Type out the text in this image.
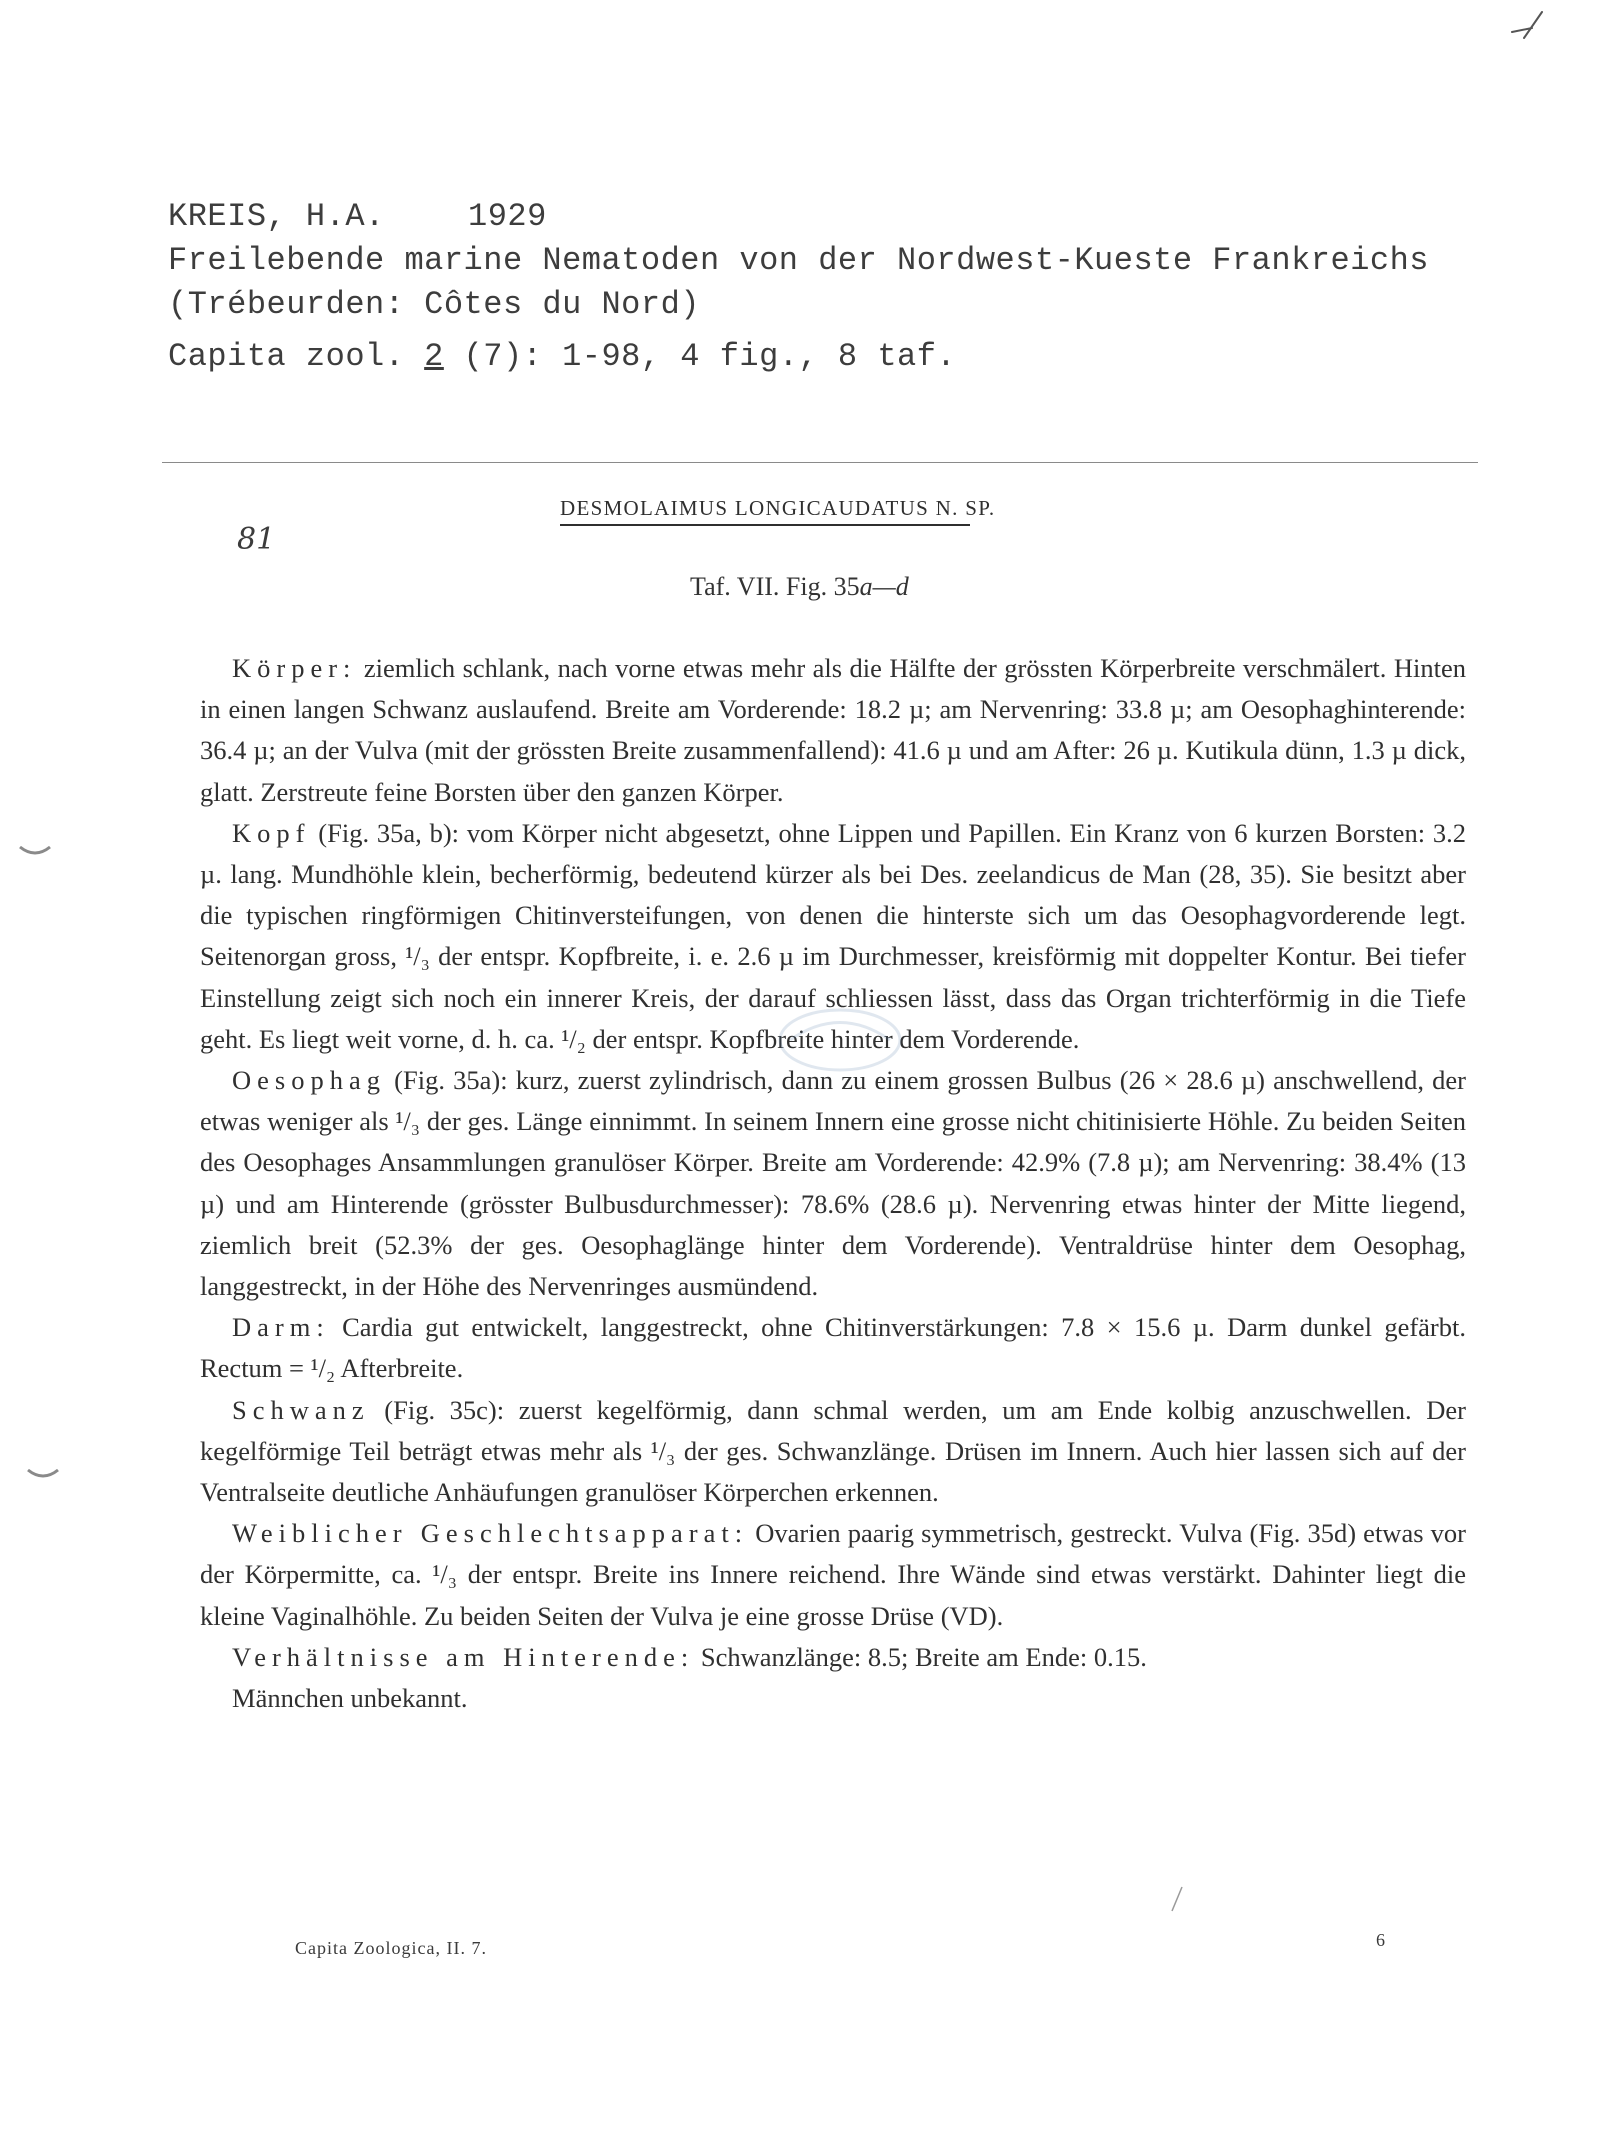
1
KREIS, H.A.	1929
Freilebende marine Nematoden von der Nordwest-Kueste Frankreichs
(Trébeurden: Côtes du Nord)
Capita zool. 2 (7): 1-98, 4 fig., 8 taf.
81
DESMOLAIMUS LONGICAUDATUS N. SP.
Taf. VII. Fig. 35a—d

Körper: ziemlich schlank, nach vorne etwas mehr als die Hälfte der grössten Körperbreite verschmälert. Hinten in einen langen Schwanz auslaufend. Breite am Vorderende: 18.2 µ; am Nervenring: 33.8 µ; am Oesophaghinterende: 36.4 µ; an der Vulva (mit der grössten Breite zusammenfallend): 41.6 µ und am After: 26 µ. Kutikula dünn, 1.3 µ dick, glatt. Zerstreute feine Borsten über den ganzen Körper.

Kopf (Fig. 35a, b): vom Körper nicht abgesetzt, ohne Lippen und Papillen. Ein Kranz von 6 kurzen Borsten: 3.2 µ. lang. Mundhöhle klein, becherförmig, bedeutend kürzer als bei Des. zeelandicus de Man (28, 35). Sie besitzt aber die typischen ringförmigen Chitinversteifungen, von denen die hinterste sich um das Oesophagvorderende legt. Seitenorgan gross, ¹/₃ der entspr. Kopfbreite, i. e. 2.6 µ im Durchmesser, kreisförmig mit doppelter Kontur. Bei tiefer Einstellung zeigt sich noch ein innerer Kreis, der darauf schliessen lässt, dass das Organ trichterförmig in die Tiefe geht. Es liegt weit vorne, d. h. ca. ¹/₂ der entspr. Kopfbreite hinter dem Vorderende.

Oesophag (Fig. 35a): kurz, zuerst zylindrisch, dann zu einem grossen Bulbus (26 × 28.6 µ) anschwellend, der etwas weniger als ¹/₃ der ges. Länge einnimmt. In seinem Innern eine grosse nicht chitinisierte Höhle. Zu beiden Seiten des Oesophages Ansammlungen granulöser Körper. Breite am Vorderende: 42.9% (7.8 µ); am Nervenring: 38.4% (13 µ) und am Hinterende (grösster Bulbusdurchmesser): 78.6% (28.6 µ). Nervenring etwas hinter der Mitte liegend, ziemlich breit (52.3% der ges. Oesophaglänge hinter dem Vorderende). Ventraldrüse hinter dem Oesophag, langgestreckt, in der Höhe des Nervenringes ausmündend.

Darm: Cardia gut entwickelt, langgestreckt, ohne Chitinverstärkungen: 7.8 × 15.6 µ. Darm dunkel gefärbt. Rectum = ¹/₂ Afterbreite.

Schwanz (Fig. 35c): zuerst kegelförmig, dann schmal werden, um am Ende kolbig anzuschwellen. Der kegelförmige Teil beträgt etwas mehr als ¹/₃ der ges. Schwanzlänge. Drüsen im Innern. Auch hier lassen sich auf der Ventralseite deutliche Anhäufungen granulöser Körperchen erkennen.

Weiblicher Geschlechtsapparat: Ovarien paarig symmetrisch, gestreckt. Vulva (Fig. 35d) etwas vor der Körpermitte, ca. ¹/₃ der entspr. Breite ins Innere reichend. Ihre Wände sind etwas verstärkt. Dahinter liegt die kleine Vaginalhöhle. Zu beiden Seiten der Vulva je eine grosse Drüse (VD).

Verhältnisse am Hinterende: Schwanzlänge: 8.5; Breite am Ende: 0.15.

Männchen unbekannt.

Capita Zoologica, II. 7.	6
